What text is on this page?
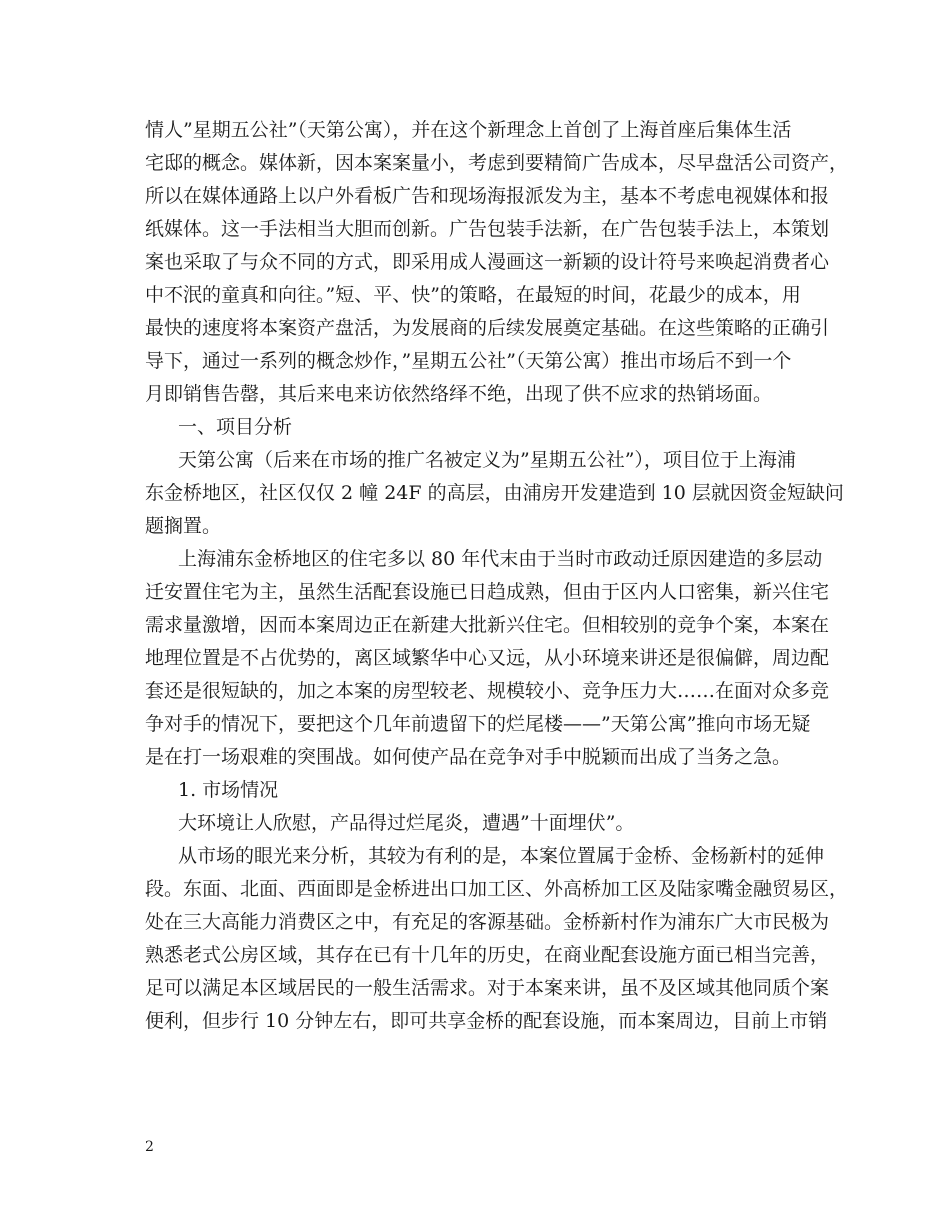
情人”星期五公社”（天第公寓），并在这个新理念上首创了上海首座后集体生活
宅邸的概念。媒体新，因本案案量小，考虑到要精简广告成本，尽早盘活公司资产，
所以在媒体通路上以户外看板广告和现场海报派发为主，基本不考虑电视媒体和报
纸媒体。这一手法相当大胆而创新。广告包装手法新，在广告包装手法上，本策划
案也采取了与众不同的方式，即采用成人漫画这一新颖的设计符号来唤起消费者心
中不泯的童真和向往。”短、平、快”的策略，在最短的时间，花最少的成本，用
最快的速度将本案资产盘活，为发展商的后续发展奠定基础。在这些策略的正确引
导下，通过一系列的概念炒作，”星期五公社”（天第公寓）推出市场后不到一个
月即销售告罄，其后来电来访依然络绎不绝，出现了供不应求的热销场面。
一、项目分析
天第公寓（后来在市场的推广名被定义为”星期五公社”），项目位于上海浦
东金桥地区，社区仅仅 2 幢 24F 的高层，由浦房开发建造到 10 层就因资金短缺问
题搁置。
上海浦东金桥地区的住宅多以 80 年代末由于当时市政动迁原因建造的多层动
迁安置住宅为主，虽然生活配套设施已日趋成熟，但由于区内人口密集，新兴住宅
需求量激增，因而本案周边正在新建大批新兴住宅。但相较别的竞争个案，本案在
地理位置是不占优势的，离区域繁华中心又远，从小环境来讲还是很偏僻，周边配
套还是很短缺的，加之本案的房型较老、规模较小、竞争压力大……在面对众多竞
争对手的情况下，要把这个几年前遗留下的烂尾楼——”天第公寓”推向市场无疑
是在打一场艰难的突围战。如何使产品在竞争对手中脱颖而出成了当务之急。
1. 市场情况
大环境让人欣慰，产品得过烂尾炎，遭遇”十面埋伏”。
从市场的眼光来分析，其较为有利的是，本案位置属于金桥、金杨新村的延伸
段。东面、北面、西面即是金桥进出口加工区、外高桥加工区及陆家嘴金融贸易区，
处在三大高能力消费区之中，有充足的客源基础。金桥新村作为浦东广大市民极为
熟悉老式公房区域，其存在已有十几年的历史，在商业配套设施方面已相当完善，
足可以满足本区域居民的一般生活需求。对于本案来讲，虽不及区域其他同质个案
便利，但步行 10 分钟左右，即可共享金桥的配套设施，而本案周边，目前上市销
2
